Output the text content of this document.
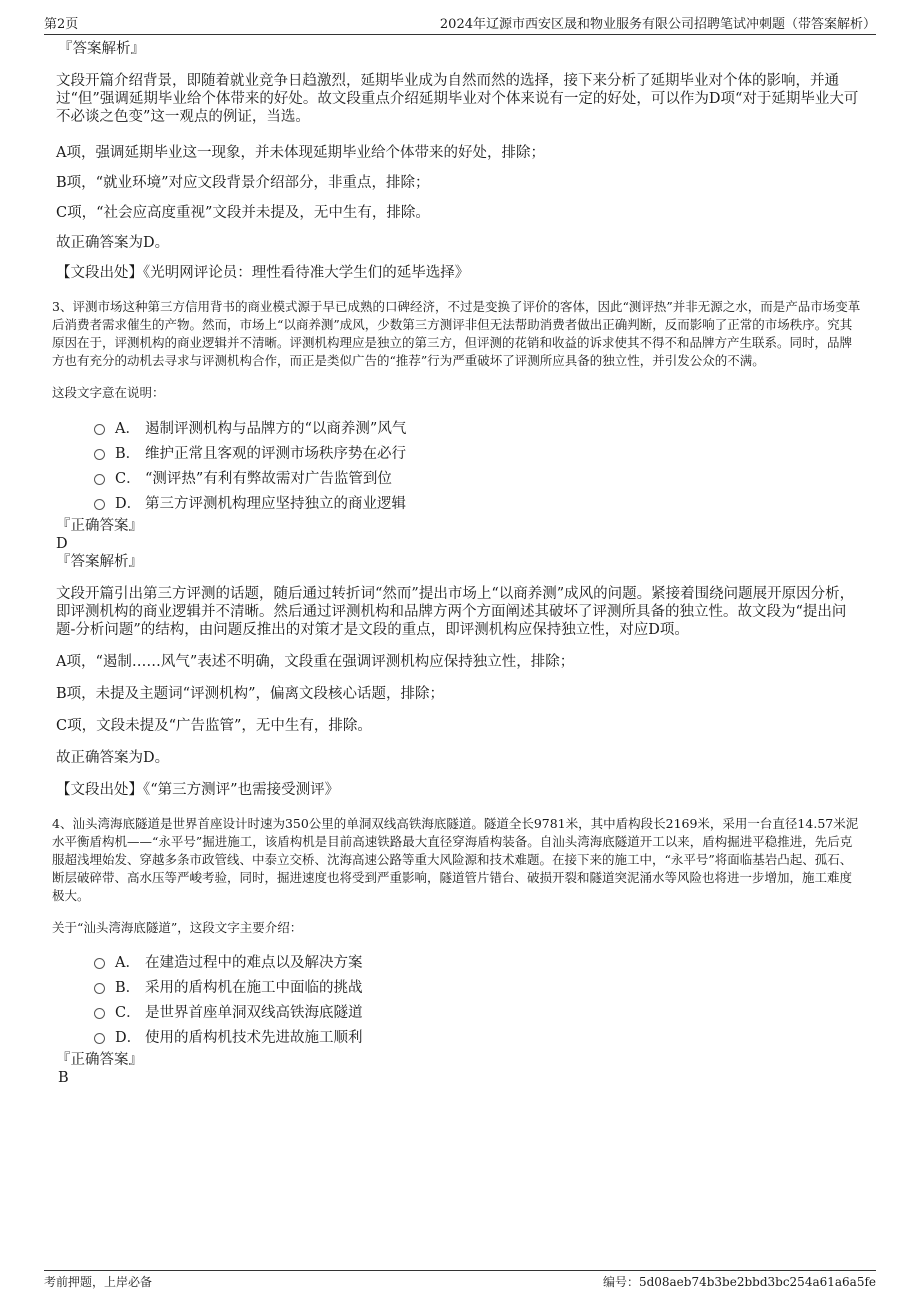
第2页	2024年辽源市西安区晟和物业服务有限公司招聘笔试冲刺题（带答案解析）
『答案解析』

文段开篇介绍背景，即随着就业竞争日趋激烈，延期毕业成为自然而然的选择，接下来分析了延期毕业对个体的影响，并通过“但”强调延期毕业给个体带来的好处。故文段重点介绍延期毕业对个体来说有一定的好处，可以作为D项“对于延期毕业大可不必谈之色变”这一观点的例证，当选。

A项，强调延期毕业这一现象，并未体现延期毕业给个体带来的好处，排除；

B项，“就业环境”对应文段背景介绍部分，非重点，排除；

C项，“社会应高度重视”文段并未提及，无中生有，排除。

故正确答案为D。

【文段出处】《光明网评论员：理性看待准大学生们的延毕选择》

3、评测市场这种第三方信用背书的商业模式源于早已成熟的口碑经济，不过是变换了评价的客体，因此“测评热”并非无源之水，而是产品市场变革后消费者需求催生的产物。然而，市场上“以商养测”成风，少数第三方测评非但无法帮助消费者做出正确判断，反而影响了正常的市场秩序。究其原因在于，评测机构的商业逻辑并不清晰。评测机构理应是独立的第三方，但评测的花销和收益的诉求使其不得不和品牌方产生联系。同时，品牌方也有充分的动机去寻求与评测机构合作，而正是类似广告的“推荐”行为严重破坏了评测所应具备的独立性，并引发公众的不满。

这段文字意在说明：

A． 遏制评测机构与品牌方的“以商养测”风气
B． 维护正常且客观的评测市场秩序势在必行
C． “测评热”有利有弊故需对广告监管到位
D． 第三方评测机构理应坚持独立的商业逻辑
『正确答案』
D
『答案解析』

文段开篇引出第三方评测的话题，随后通过转折词“然而”提出市场上“以商养测”成风的问题。紧接着围绕问题展开原因分析，即评测机构的商业逻辑并不清晰。然后通过评测机构和品牌方两个方面阐述其破坏了评测所具备的独立性。故文段为“提出问题-分析问题”的结构，由问题反推出的对策才是文段的重点，即评测机构应保持独立性，对应D项。

A项，“遏制……风气”表述不明确，文段重在强调评测机构应保持独立性，排除；

B项，未提及主题词“评测机构”，偏离文段核心话题，排除；

C项，文段未提及“广告监管”，无中生有，排除。

故正确答案为D。

【文段出处】《“第三方测评”也需接受测评》

4、汕头湾海底隧道是世界首座设计时速为350公里的单洞双线高铁海底隧道。隧道全长9781米，其中盾构段长2169米，采用一台直径14.57米泥水平衡盾构机——“永平号”掘进施工，该盾构机是目前高速铁路最大直径穿海盾构装备。自汕头湾海底隧道开工以来，盾构掘进平稳推进，先后克服超浅埋始发、穿越多条市政管线、中泰立交桥、沈海高速公路等重大风险源和技术难题。在接下来的施工中，“永平号”将面临基岩凸起、孤石、断层破碎带、高水压等严峻考验，同时，掘进速度也将受到严重影响，隧道管片错台、破损开裂和隧道突泥涌水等风险也将进一步增加，施工难度极大。

关于“汕头湾海底隧道”，这段文字主要介绍：

A． 在建造过程中的难点以及解决方案
B． 采用的盾构机在施工中面临的挑战
C． 是世界首座单洞双线高铁海底隧道
D． 使用的盾构机技术先进故施工顺利
『正确答案』
B
考前押题，上岸必备	编号：5d08aeb74b3be2bbd3bc254a61a6a5fe
